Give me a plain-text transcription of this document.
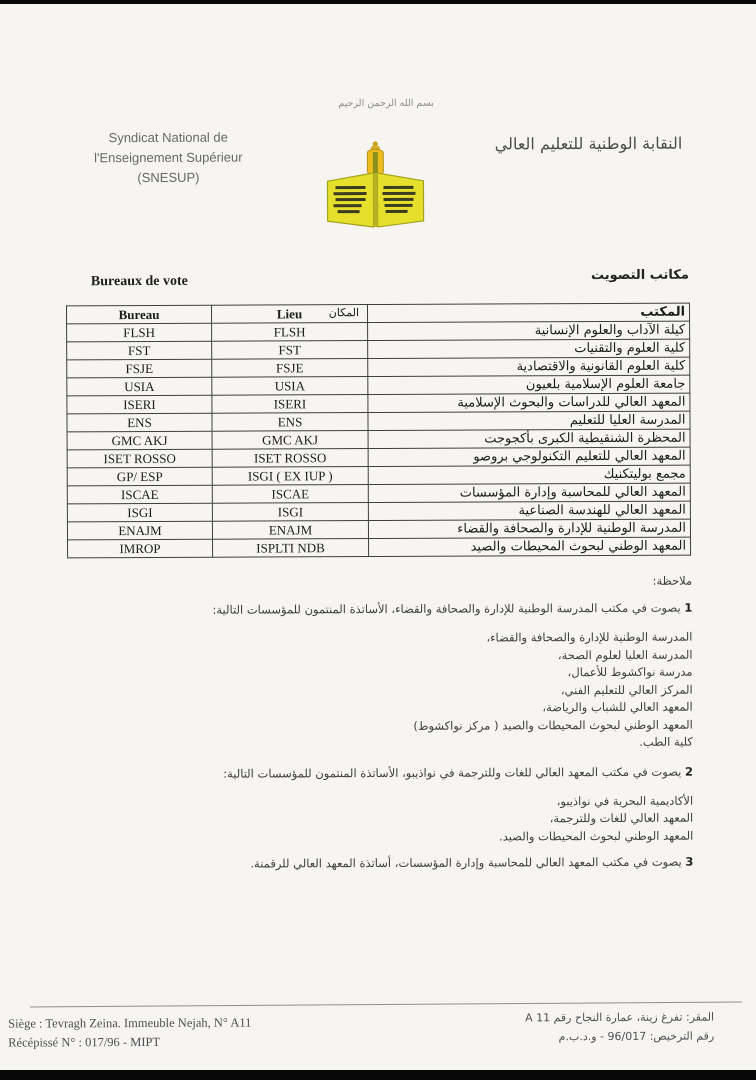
بسم الله الرحمن الرحيم
Syndicat National de
l'Enseignement Supérieur
(SNESUP)
النقابة الوطنية للتعليم العالي
Bureaux de vote	مكاتب التصويت
Bureau	Lieu المكان	المكتب
FLSH	FLSH	كيلة الآداب والعلوم الإنسانية
FST	FST	كلية العلوم والتقنيات
FSJE	FSJE	كلية العلوم القانونية والاقتصادية
USIA	USIA	جامعة العلوم الإسلامية بلعيون
ISERI	ISERI	المعهد العالي للدراسات والبحوث الإسلامية
ENS	ENS	المدرسة العليا للتعليم
GMC AKJ	GMC AKJ	المحظرة الشنقيطية الكبرى بأكجوجت
ISET ROSSO	ISET ROSSO	المعهد العالي للتعليم التكنولوجي بروصو
GP/ ESP	ISGI ( EX IUP )	مجمع بوليتكنيك
ISCAE	ISCAE	المعهد العالي للمحاسبة وإدارة المؤسسات
ISGI	ISGI	المعهد العالي للهندسة الصناعية
ENAJM	ENAJM	المدرسة الوطنية للإدارة والصحافة والقضاء
IMROP	ISPLTI NDB	المعهد الوطني لبحوث المحيطات والصيد

ملاحظة:

1 يصوت في مكتب المدرسة الوطنية للإدارة والصحافة والقضاء، الأساتذة المنتمون للمؤسسات التالية:

المدرسة الوطنية للإدارة والصحافة والقضاء،
المدرسة العليا لعلوم الصحة،
مدرسة نواكشوط للأعمال،
المركز العالي للتعليم الفني،
المعهد العالي للشباب والرياضة،
المعهد الوطني لبحوث المحيطات والصيد ( مركز نواكشوط)
كلية الطب.

2 يصوت في مكتب المعهد العالي للغات وللترجمة في نواذيبو، الأساتذة المنتمون للمؤسسات التالية:

الأكاديمية البحرية في نواذيبو،
المعهد العالي للغات وللترجمة،
المعهد الوطني لبحوث المحيطات والصيد.

3 يصوت في مكتب المعهد العالي للمحاسبة وإدارة المؤسسات، أساتذة المعهد العالي للرقمنة.

Siège : Tevragh Zeina. Immeuble Nejah, N° A11

Récépissé N° : 017/96 - MIPT

المقر: تفرغ زينة، عمارة النجاح رقم A 11

رقم الترخيص: 96/017 - و.د.ب.م
